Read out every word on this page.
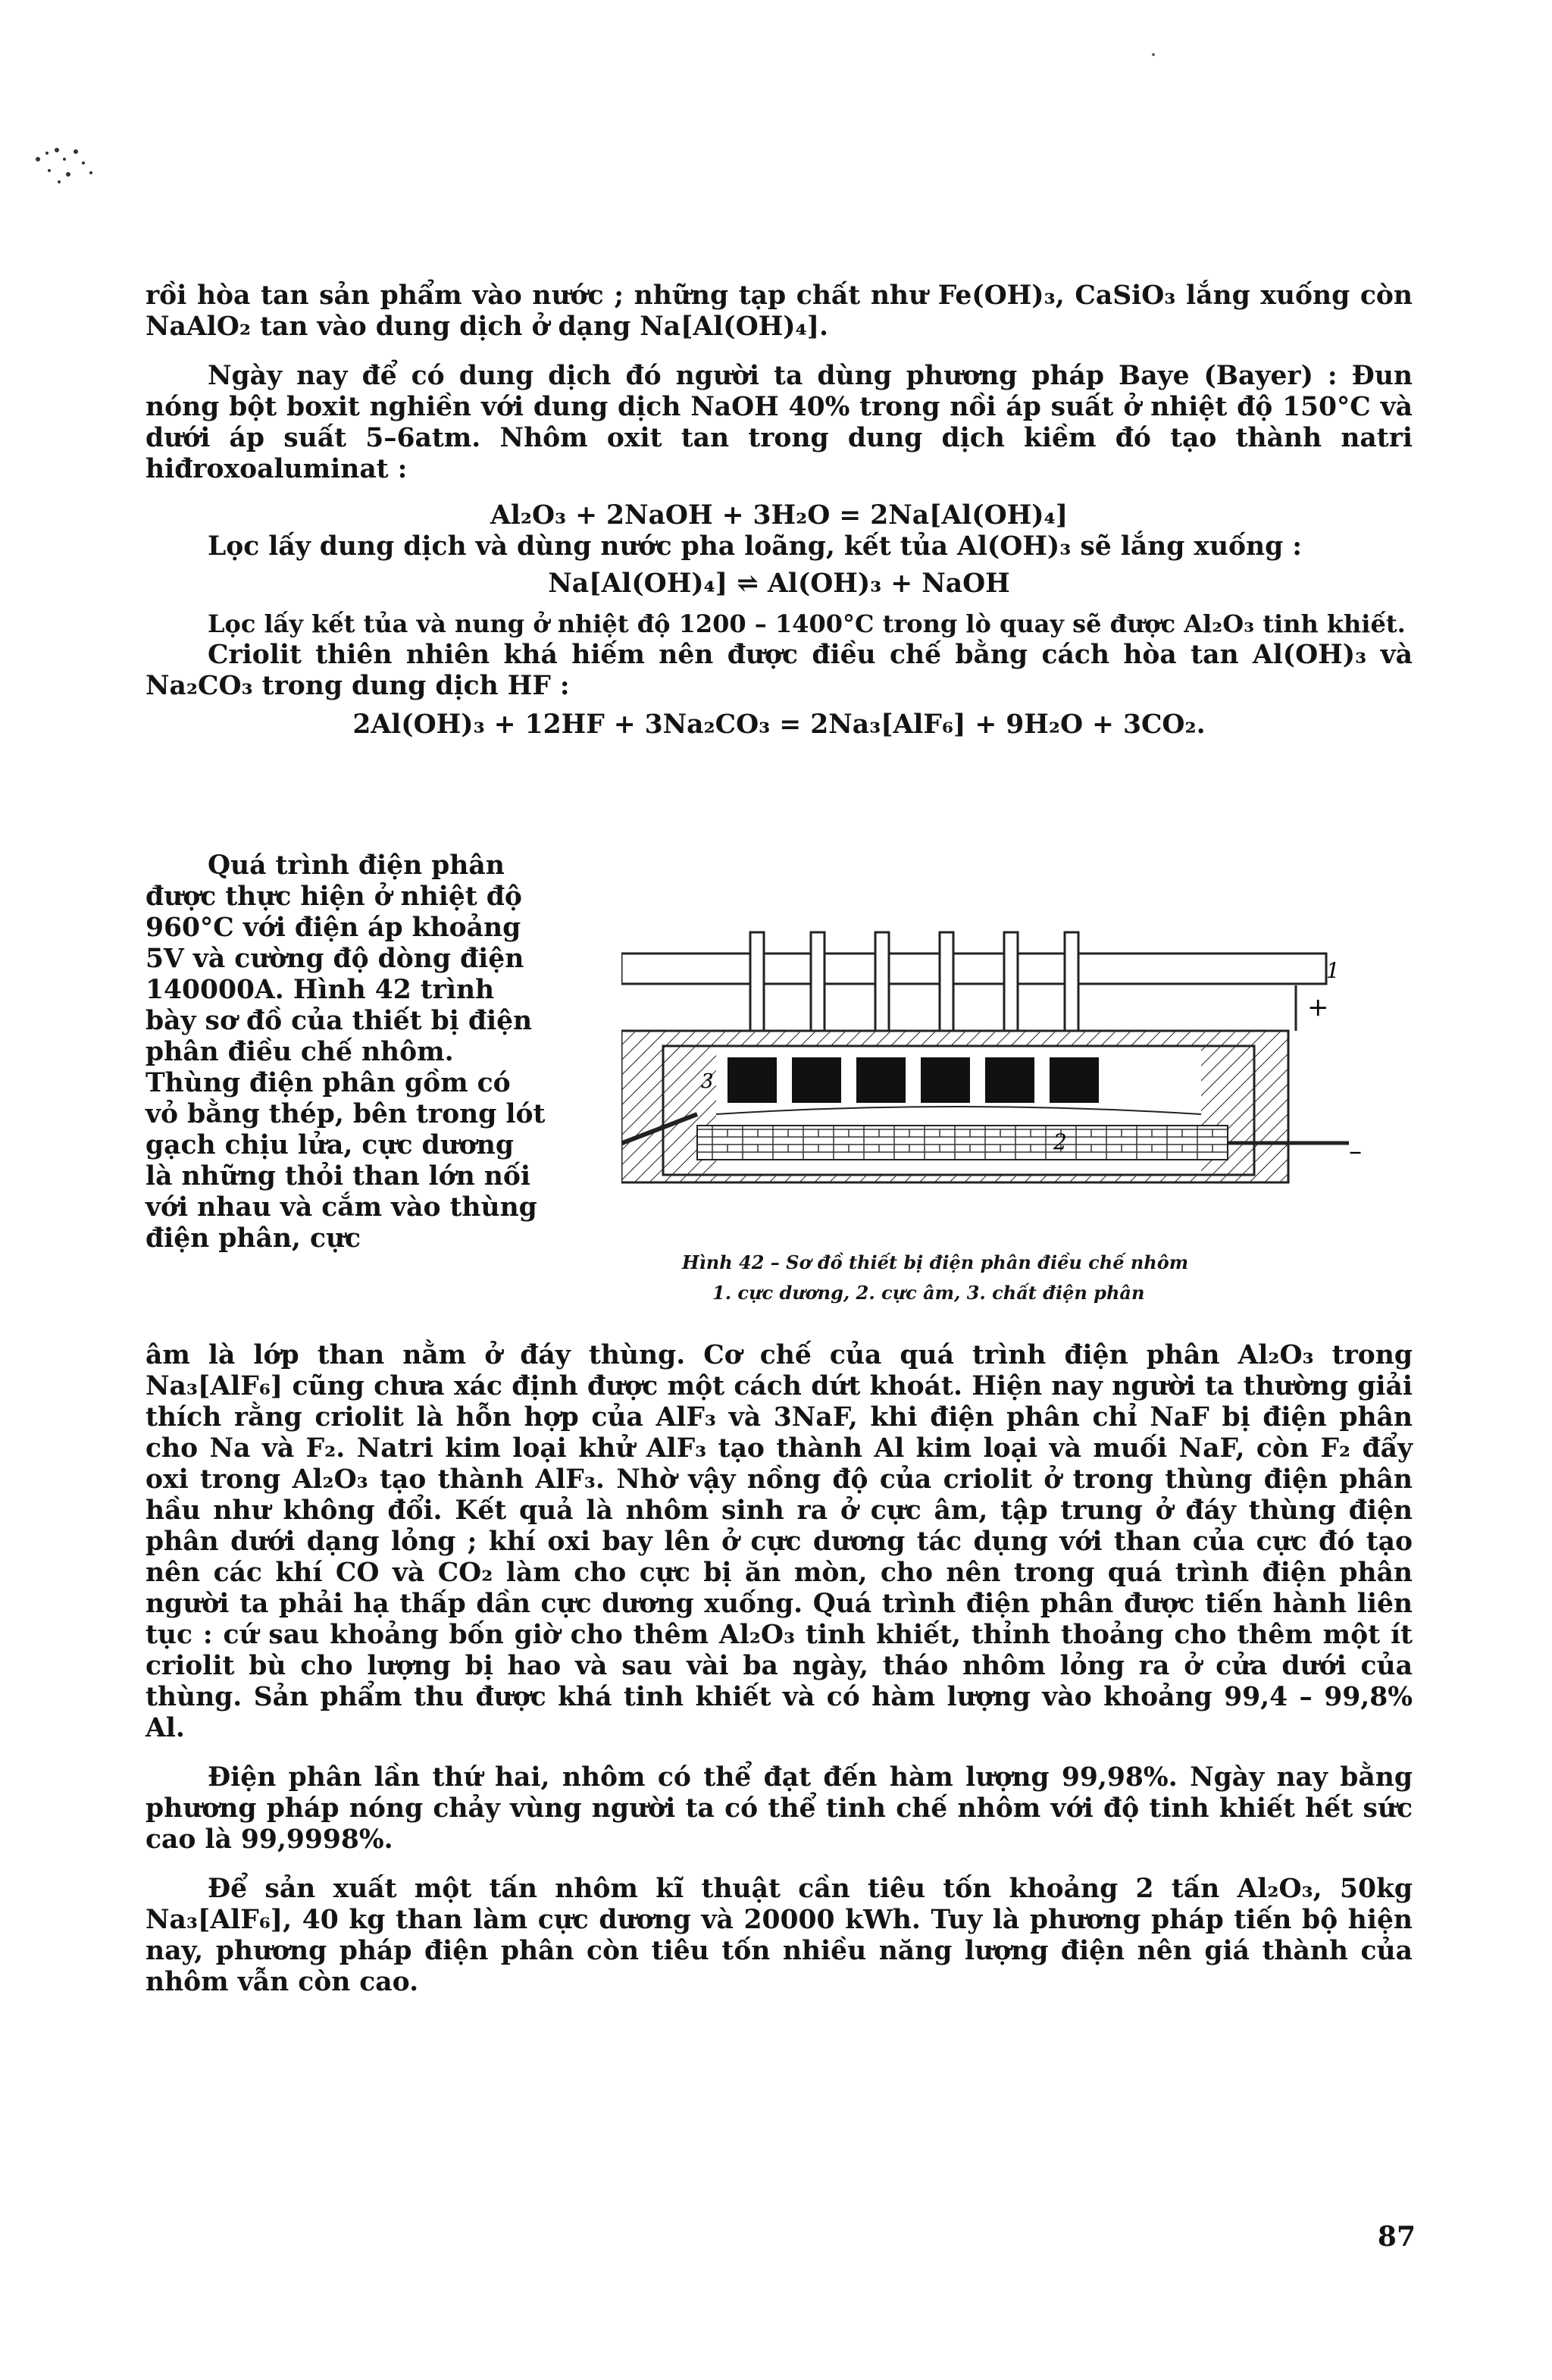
rồi hòa tan sản phẩm vào nước ; những tạp chất như Fe(OH)₃, CaSiO₃ lắng xuống còn NaAlO₂ tan vào dung dịch ở dạng Na[Al(OH)₄].

Ngày nay để có dung dịch đó người ta dùng phương pháp Baye (Bayer) : Đun nóng bột boxit nghiền với dung dịch NaOH 40% trong nồi áp suất ở nhiệt độ 150°C và dưới áp suất 5–6atm. Nhôm oxit tan trong dung dịch kiềm đó tạo thành natri hiđroxoaluminat :

Al₂O₃ + 2NaOH + 3H₂O = 2Na[Al(OH)₄]

Lọc lấy dung dịch và dùng nước pha loãng, kết tủa Al(OH)₃ sẽ lắng xuống :

Na[Al(OH)₄] ⇌ Al(OH)₃ + NaOH

Lọc lấy kết tủa và nung ở nhiệt độ 1200 – 1400°C trong lò quay sẽ được Al₂O₃ tinh khiết.

Criolit thiên nhiên khá hiếm nên được điều chế bằng cách hòa tan Al(OH)₃ và Na₂CO₃ trong dung dịch HF :

2Al(OH)₃ + 12HF + 3Na₂CO₃ = 2Na₃[AlF₆] + 9H₂O + 3CO₂.

Quá trình điện phân được thực hiện ở nhiệt độ 960°C với điện áp khoảng 5V và cường độ dòng điện 140000A. Hình 42 trình bày sơ đồ của thiết bị điện phân điều chế nhôm. Thùng điện phân gồm có vỏ bằng thép, bên trong lót gạch chịu lửa, cực dương là những thỏi than lớn nối với nhau và cắm vào thùng điện phân, cực

1
+
–
3
2
Hình 42 – Sơ đồ thiết bị điện phân điều chế nhôm
1. cực dương, 2. cực âm, 3. chất điện phân

âm là lớp than nằm ở đáy thùng. Cơ chế của quá trình điện phân Al₂O₃ trong Na₃[AlF₆] cũng chưa xác định được một cách dứt khoát. Hiện nay người ta thường giải thích rằng criolit là hỗn hợp của AlF₃ và 3NaF, khi điện phân chỉ NaF bị điện phân cho Na và F₂. Natri kim loại khử AlF₃ tạo thành Al kim loại và muối NaF, còn F₂ đẩy oxi trong Al₂O₃ tạo thành AlF₃. Nhờ vậy nồng độ của criolit ở trong thùng điện phân hầu như không đổi. Kết quả là nhôm sinh ra ở cực âm, tập trung ở đáy thùng điện phân dưới dạng lỏng ; khí oxi bay lên ở cực dương tác dụng với than của cực đó tạo nên các khí CO và CO₂ làm cho cực bị ăn mòn, cho nên trong quá trình điện phân người ta phải hạ thấp dần cực dương xuống. Quá trình điện phân được tiến hành liên tục : cứ sau khoảng bốn giờ cho thêm Al₂O₃ tinh khiết, thỉnh thoảng cho thêm một ít criolit bù cho lượng bị hao và sau vài ba ngày, tháo nhôm lỏng ra ở cửa dưới của thùng. Sản phẩm thu được khá tinh khiết và có hàm lượng vào khoảng 99,4 – 99,8% Al.

Điện phân lần thứ hai, nhôm có thể đạt đến hàm lượng 99,98%. Ngày nay bằng phương pháp nóng chảy vùng người ta có thể tinh chế nhôm với độ tinh khiết hết sức cao là 99,9998%.

Để sản xuất một tấn nhôm kĩ thuật cần tiêu tốn khoảng 2 tấn Al₂O₃, 50kg Na₃[AlF₆], 40 kg than làm cực dương và 20000 kWh. Tuy là phương pháp tiến bộ hiện nay, phương pháp điện phân còn tiêu tốn nhiều năng lượng điện nên giá thành của nhôm vẫn còn cao.

87
